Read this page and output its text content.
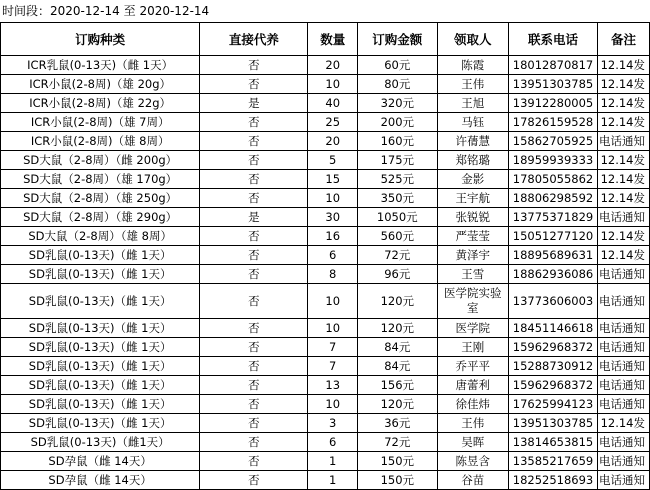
时间段：2020-12-14 至 2020-12-14
订购种类	直接代养	数量	订购金额	领取人	联系电话	备注
ICR乳鼠(0-13天)（雌 1天）	否	20	60元	陈霞	18012870817	12.14发
ICR小鼠(2-8周)（雄 20g）	否	10	80元	王伟	13951303785	12.14发
ICR小鼠(2-8周)（雄 22g）	是	40	320元	王旭	13912280005	12.14发
ICR小鼠(2-8周)（雄 7周）	否	25	200元	马钰	17826159528	12.14发
ICR小鼠(2-8周)（雄 8周）	否	20	160元	许蒨慧	15862705925	电话通知
SD大鼠（2-8周）（雌 200g）	否	5	175元	郑铭璐	18959939333	12.14发
SD大鼠（2-8周）（雄 170g）	否	15	525元	金影	17805055862	12.14发
SD大鼠（2-8周）（雄 250g）	否	10	350元	王宇航	18806298592	12.14发
SD大鼠（2-8周）（雄 290g）	是	30	1050元	张锐锐	13775371829	电话通知
SD大鼠（2-8周）（雄 8周）	否	16	560元	严莹莹	15051277120	12.14发
SD乳鼠(0-13天)（雌 1天）	否	6	72元	黄泽宇	18895689631	12.14发
SD乳鼠(0-13天)（雌 1天）	否	8	96元	王雪	18862936086	电话通知
SD乳鼠(0-13天)（雌 1天）	否	10	120元	医学院实验室	13773606003	电话通知
SD乳鼠(0-13天)（雌 1天）	否	10	120元	医学院	18451146618	电话通知
SD乳鼠(0-13天)（雌 1天）	否	7	84元	王刚	15962968372	电话通知
SD乳鼠(0-13天)（雌 1天）	否	7	84元	乔平平	15288730912	电话通知
SD乳鼠(0-13天)（雌 1天）	否	13	156元	唐蕾利	15962968372	电话通知
SD乳鼠(0-13天)（雌 1天）	否	10	120元	徐佳炜	17625994123	电话通知
SD乳鼠(0-13天)（雌 1天）	否	3	36元	王伟	13951303785	12.14发
SD乳鼠(0-13天)（雌1天）	否	6	72元	吴晖	13814653815	电话通知
SD孕鼠（雌 14天）	否	1	150元	陈昱含	13585217659	电话通知
SD孕鼠（雌 14天）	否	1	150元	谷苗	18252518693	电话通知
